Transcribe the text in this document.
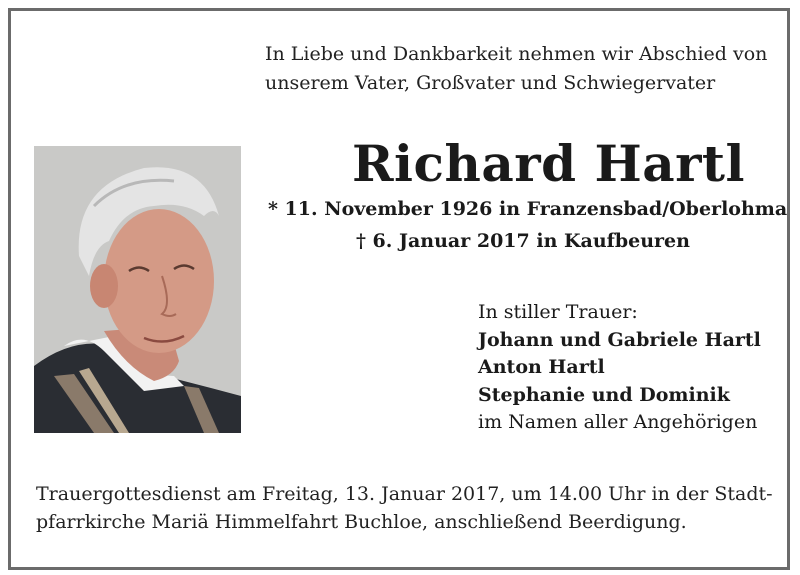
In Liebe und Dankbarkeit nehmen wir Abschied von
unserem Vater, Großvater und Schwiegervater
Richard Hartl
* 11. November 1926 in Franzensbad/Oberlohma
† 6. Januar 2017 in Kaufbeuren
In stiller Trauer:
Johann und Gabriele Hartl
Anton Hartl
Stephanie und Dominik
im Namen aller Angehörigen
Trauergottesdienst am Freitag, 13. Januar 2017, um 14.00 Uhr in der Stadt-
pfarrkirche Mariä Himmelfahrt Buchloe, anschließend Beerdigung.
